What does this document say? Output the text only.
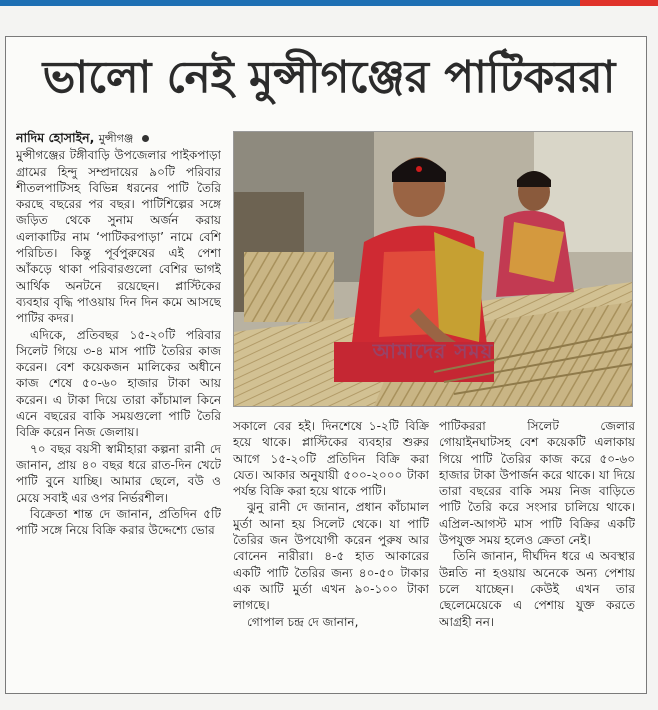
ভালো নেই মুন্সীগঞ্জের পাটিকররা

নাদিম হোসাইন, মুন্সীগঞ্জ

মুন্সীগঞ্জের টঙ্গীবাড়ি উপজেলার পাইকপাড়া গ্রামের হিন্দু সম্প্রদায়ের ৯০টি পরিবার শীতলপাটিসহ বিভিন্ন ধরনের পাটি তৈরি করছে বছরের পর বছর। পাটিশিল্পের সঙ্গে জড়িত থেকে সুনাম অর্জন করায় এলাকাটির নাম ‘পাটিকরপাড়া’ নামে বেশি পরিচিত। কিন্তু পূর্বপুরুষের এই পেশা আঁকড়ে থাকা পরিবারগুলো বেশির ভাগই আর্থিক অনটনে রয়েছেন। প্লাস্টিকের ব্যবহার বৃদ্ধি পাওয়ায় দিন দিন কমে আসছে পাটির কদর।

এদিকে, প্রতিবছর ১৫-২০টি পরিবার সিলেট গিয়ে ৩-৪ মাস পাটি তৈরির কাজ করেন। বেশ কয়েকজন মালিকের অধীনে কাজ শেষে ৫০-৬০ হাজার টাকা আয় করেন। এ টাকা দিয়ে তারা কাঁচামাল কিনে এনে বছরের বাকি সময়গুলো পাটি তৈরি বিক্রি করেন নিজ জেলায়।

৭০ বছর বয়সী স্বামীহারা কল্পনা রানী দে জানান, প্রায় ৪০ বছর ধরে রাত-দিন খেটে পাটি বুনে যাচ্ছি। আমার ছেলে, বউ ও মেয়ে সবাই এর ওপর নির্ভরশীল।

বিক্রেতা শান্ত দে জানান, প্রতিদিন ৫টি পাটি সঙ্গে নিয়ে বিক্রি করার উদ্দেশ্যে ভোর

আমাদের সময়

সকালে বের হই। দিনশেষে ১-২টি বিক্রি হয়ে থাকে। প্লাস্টিকের ব্যবহার শুরুর আগে ১৫-২০টি প্রতিদিন বিক্রি করা যেত। আকার অনুযায়ী ৫০০-২০০০ টাকা পর্যন্ত বিক্রি করা হয়ে থাকে পাটি।

ঝুনু রানী দে জানান, প্রধান কাঁচামাল মুর্তা আনা হয় সিলেট থেকে। যা পাটি তৈরির জন উপযোগী করেন পুরুষ আর বোনেন নারীরা। ৪-৫ হাত আকারের একটি পাটি তৈরির জন্য ৪০-৫০ টাকার এক আটি মুর্তা এখন ৯০-১০০ টাকা লাগছে।

গোপাল চন্দ্র দে জানান,

পাটিকররা সিলেট জেলার গোয়াইনঘাটসহ বেশ কয়েকটি এলাকায় গিয়ে পাটি তৈরির কাজ করে ৫০-৬০ হাজার টাকা উপার্জন করে থাকে। যা দিয়ে তারা বছরের বাকি সময় নিজ বাড়িতে পাটি তৈরি করে সংসার চালিয়ে থাকে। এপ্রিল-আগস্ট মাস পাটি বিক্রির একটি উপযুক্ত সময় হলেও ক্রেতা নেই।

তিনি জানান, দীর্ঘদিন ধরে এ অবস্থার উন্নতি না হওয়ায় অনেকে অন্য পেশায় চলে যাচ্ছেন। কেউই এখন তার ছেলেমেয়েকে এ পেশায় যুক্ত করতে আগ্রহী নন।
